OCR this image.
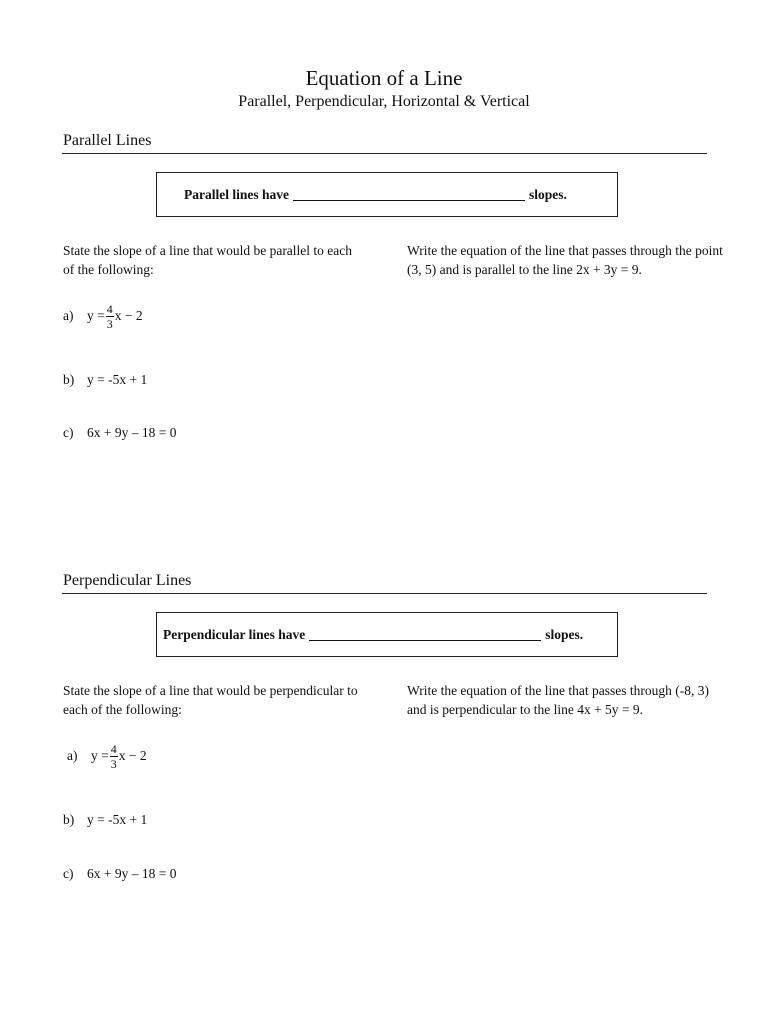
Equation of a Line
Parallel, Perpendicular, Horizontal & Vertical
Parallel Lines
Parallel lines have	slopes.
State the slope of a line that would be parallel to each of the following:
Write the equation of the line that passes through the point (3, 5) and is parallel to the line 2x + 3y = 9.
a)	$y = \frac{4}{3}$ x − 2
b) y = -5x + 1
c)	6x + 9y – 18 = 0
Perpendicular Lines
Perpendicular lines have	slopes.
State the slope of a line that would be perpendicular to each of the following:
Write the equation of the line that passes through (-8, 3) and is perpendicular to the line 4x + 5y = 9.
a)	$y = \frac{4}{3}$ x − 2
b) y = -5x + 1
c)	6x + 9y – 18 = 0
